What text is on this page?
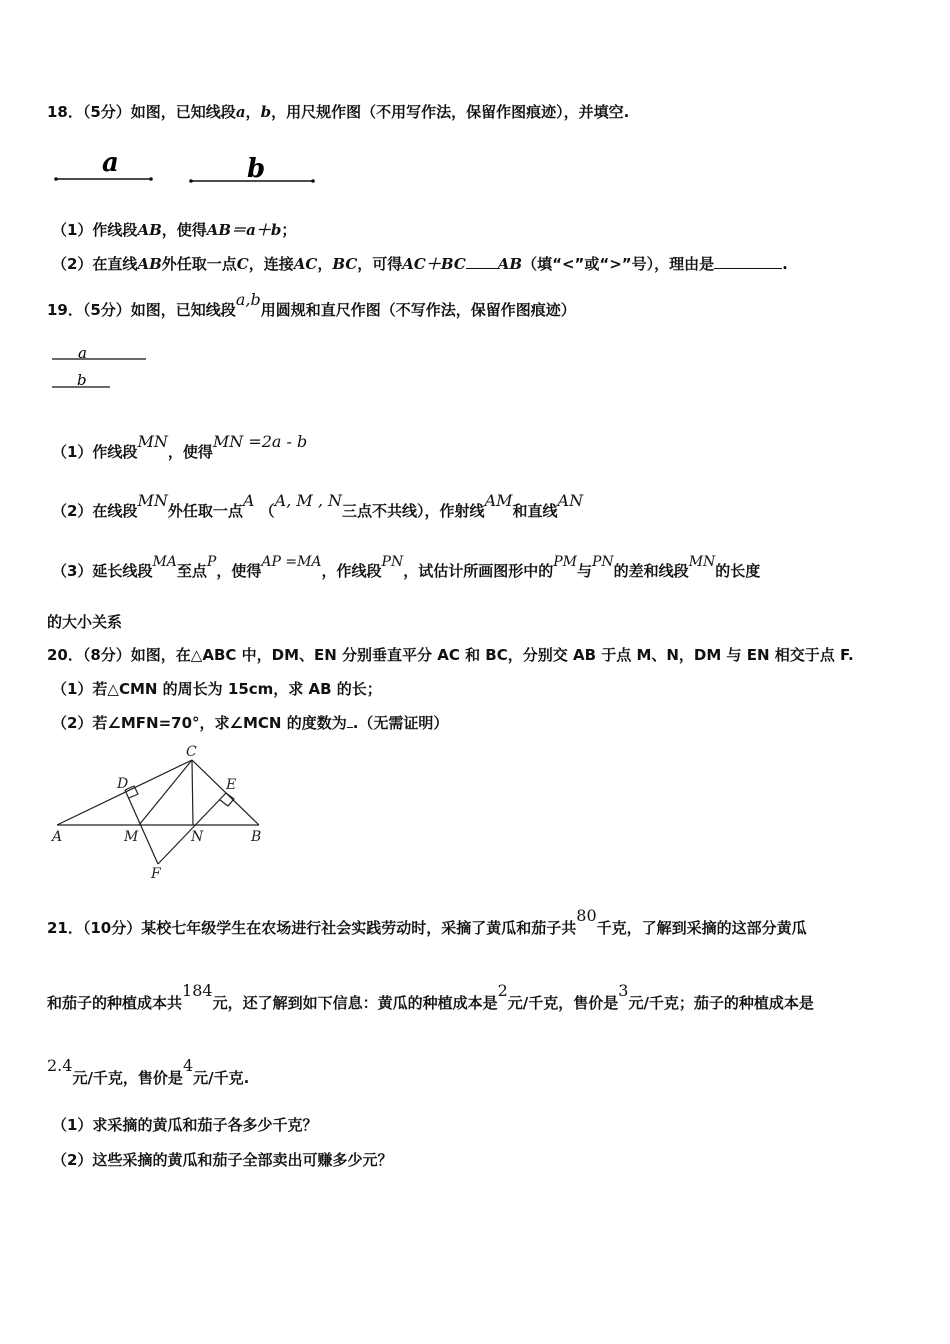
18．（5分）如图，已知线段a，b，用尺规作图（不用写作法，保留作图痕迹），并填空.
a	b
（1）作线段AB，使得AB＝a＋b；
（2）在直线AB外任取一点C，连接AC，BC，可得AC＋BC AB（填“<”或“>”号），理由是	.
19．（5分）如图，已知线段a,b用圆规和直尺作图（不写作法，保留作图痕迹）
a
b
（1）作线段MN，使得MN =2a - b
（2）在线段MN外任取一点A （A, M , N三点不共线），作射线AM和直线AN
（3）延长线段MA至点P，使得AP =MA，作线段PN，试估计所画图形中的PM与PN的差和线段MN的长度
的大小关系
20．（8分）如图，在△ABC 中，DM、EN 分别垂直平分 AC 和 BC，分别交 AB 于点 M、N，DM 与 EN 相交于点 F.
（1）若△CMN 的周长为 15cm，求 AB 的长；
（2）若∠MFN=70°，求∠MCN 的度数为 .（无需证明）
C
D	E
A	M	N	B
F
21．（10分）某校七年级学生在农场进行社会实践劳动时，采摘了黄瓜和茄子共80千克，了解到采摘的这部分黄瓜
和茄子的种植成本共184元，还了解到如下信息：黄瓜的种植成本是2元/千克，售价是3元/千克；茄子的种植成本是
2.4元/千克，售价是4元/千克.
（1）求采摘的黄瓜和茄子各多少千克？
（2）这些采摘的黄瓜和茄子全部卖出可赚多少元？
